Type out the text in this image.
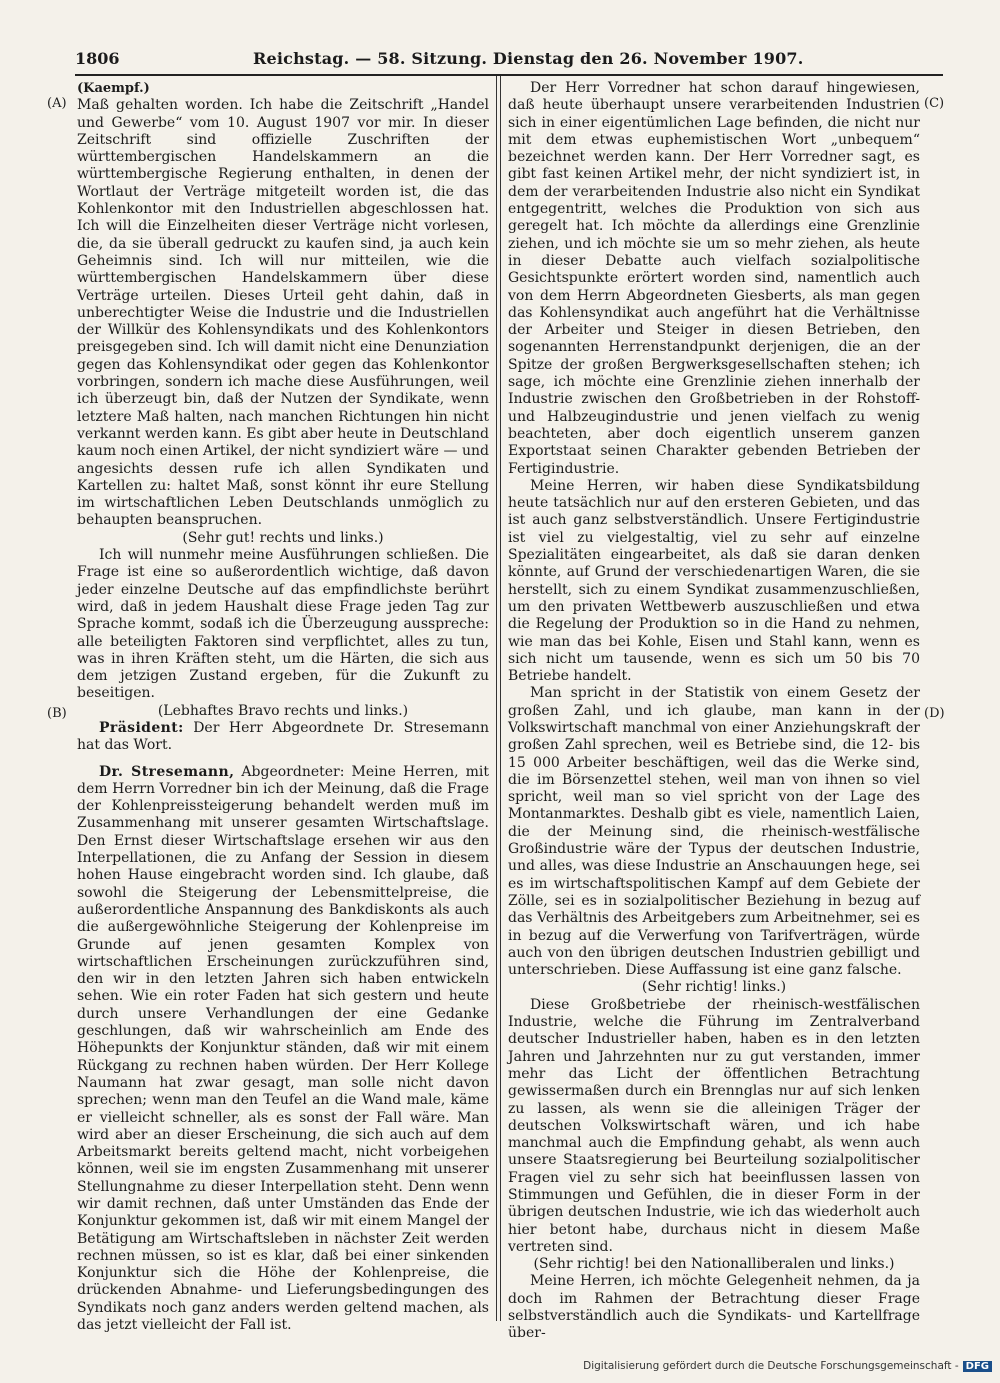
1806	Reichstag. — 58. Sitzung. Dienstag den 26. November 1907.
(A)
(B)
(C)
(D)

(Kaempf.)

Maß gehalten worden. Ich habe die Zeitschrift „Handel und Gewerbe“ vom 10. August 1907 vor mir. In dieser Zeitschrift sind offizielle Zuschriften der württembergischen Handelskammern an die württembergische Regierung enthalten, in denen der Wortlaut der Verträge mitgeteilt worden ist, die das Kohlenkontor mit den Industriellen abgeschlossen hat. Ich will die Einzelheiten dieser Verträge nicht vorlesen, die, da sie überall gedruckt zu kaufen sind, ja auch kein Geheimnis sind. Ich will nur mitteilen, wie die württembergischen Handelskammern über diese Verträge urteilen. Dieses Urteil geht dahin, daß in unberechtigter Weise die Industrie und die Industriellen der Willkür des Kohlensyndikats und des Kohlenkontors preisgegeben sind. Ich will damit nicht eine Denunziation gegen das Kohlensyndikat oder gegen das Kohlenkontor vorbringen, sondern ich mache diese Ausführungen, weil ich überzeugt bin, daß der Nutzen der Syndikate, wenn letztere Maß halten, nach manchen Richtungen hin nicht verkannt werden kann. Es gibt aber heute in Deutschland kaum noch einen Artikel, der nicht syndiziert wäre — und angesichts dessen rufe ich allen Syndikaten und Kartellen zu: haltet Maß, sonst könnt ihr eure Stellung im wirtschaftlichen Leben Deutschlands unmöglich zu behaupten beanspruchen.

(Sehr gut! rechts und links.)

Ich will nunmehr meine Ausführungen schließen. Die Frage ist eine so außerordentlich wichtige, daß davon jeder einzelne Deutsche auf das empfindlichste berührt wird, daß in jedem Haushalt diese Frage jeden Tag zur Sprache kommt, sodaß ich die Überzeugung ausspreche: alle beteiligten Faktoren sind verpflichtet, alles zu tun, was in ihren Kräften steht, um die Härten, die sich aus dem jetzigen Zustand ergeben, für die Zukunft zu beseitigen.

(Lebhaftes Bravo rechts und links.)

Präsident: Der Herr Abgeordnete Dr. Stresemann hat das Wort.

Dr. Stresemann, Abgeordneter: Meine Herren, mit dem Herrn Vorredner bin ich der Meinung, daß die Frage der Kohlenpreissteigerung behandelt werden muß im Zusammenhang mit unserer gesamten Wirtschaftslage. Den Ernst dieser Wirtschaftslage ersehen wir aus den Interpellationen, die zu Anfang der Session in diesem hohen Hause eingebracht worden sind. Ich glaube, daß sowohl die Steigerung der Lebensmittelpreise, die außerordentliche Anspannung des Bankdiskonts als auch die außergewöhnliche Steigerung der Kohlenpreise im Grunde auf jenen gesamten Komplex von wirtschaftlichen Erscheinungen zurückzuführen sind, den wir in den letzten Jahren sich haben entwickeln sehen. Wie ein roter Faden hat sich gestern und heute durch unsere Verhandlungen der eine Gedanke geschlungen, daß wir wahrscheinlich am Ende des Höhepunkts der Konjunktur ständen, daß wir mit einem Rückgang zu rechnen haben würden. Der Herr Kollege Naumann hat zwar gesagt, man solle nicht davon sprechen; wenn man den Teufel an die Wand male, käme er vielleicht schneller, als es sonst der Fall wäre. Man wird aber an dieser Erscheinung, die sich auch auf dem Arbeitsmarkt bereits geltend macht, nicht vorbeigehen können, weil sie im engsten Zusammenhang mit unserer Stellungnahme zu dieser Interpellation steht. Denn wenn wir damit rechnen, daß unter Umständen das Ende der Konjunktur gekommen ist, daß wir mit einem Mangel der Betätigung am Wirtschaftsleben in nächster Zeit werden rechnen müssen, so ist es klar, daß bei einer sinkenden Konjunktur sich die Höhe der Kohlenpreise, die drückenden Abnahme- und Lieferungsbedingungen des Syndikats noch ganz anders werden geltend machen, als das jetzt vielleicht der Fall ist.

Der Herr Vorredner hat schon darauf hingewiesen, daß heute überhaupt unsere verarbeitenden Industrien sich in einer eigentümlichen Lage befinden, die nicht nur mit dem etwas euphemistischen Wort „unbequem“ bezeichnet werden kann. Der Herr Vorredner sagt, es gibt fast keinen Artikel mehr, der nicht syndiziert ist, in dem der verarbeitenden Industrie also nicht ein Syndikat entgegentritt, welches die Produktion von sich aus geregelt hat. Ich möchte da allerdings eine Grenzlinie ziehen, und ich möchte sie um so mehr ziehen, als heute in dieser Debatte auch vielfach sozialpolitische Gesichtspunkte erörtert worden sind, namentlich auch von dem Herrn Abgeordneten Giesberts, als man gegen das Kohlensyndikat auch angeführt hat die Verhältnisse der Arbeiter und Steiger in diesen Betrieben, den sogenannten Herrenstandpunkt derjenigen, die an der Spitze der großen Bergwerksgesellschaften stehen; ich sage, ich möchte eine Grenzlinie ziehen innerhalb der Industrie zwischen den Großbetrieben in der Rohstoff- und Halbzeugindustrie und jenen vielfach zu wenig beachteten, aber doch eigentlich unserem ganzen Exportstaat seinen Charakter gebenden Betrieben der Fertigindustrie.

Meine Herren, wir haben diese Syndikatsbildung heute tatsächlich nur auf den ersteren Gebieten, und das ist auch ganz selbstverständlich. Unsere Fertigindustrie ist viel zu vielgestaltig, viel zu sehr auf einzelne Spezialitäten eingearbeitet, als daß sie daran denken könnte, auf Grund der verschiedenartigen Waren, die sie herstellt, sich zu einem Syndikat zusammenzuschließen, um den privaten Wettbewerb auszuschließen und etwa die Regelung der Produktion so in die Hand zu nehmen, wie man das bei Kohle, Eisen und Stahl kann, wenn es sich nicht um tausende, wenn es sich um 50 bis 70 Betriebe handelt.

Man spricht in der Statistik von einem Gesetz der großen Zahl, und ich glaube, man kann in der Volkswirtschaft manchmal von einer Anziehungskraft der großen Zahl sprechen, weil es Betriebe sind, die 12- bis 15 000 Arbeiter beschäftigen, weil das die Werke sind, die im Börsenzettel stehen, weil man von ihnen so viel spricht, weil man so viel spricht von der Lage des Montanmarktes. Deshalb gibt es viele, namentlich Laien, die der Meinung sind, die rheinisch-westfälische Großindustrie wäre der Typus der deutschen Industrie, und alles, was diese Industrie an Anschauungen hege, sei es im wirtschaftspolitischen Kampf auf dem Gebiete der Zölle, sei es in sozialpolitischer Beziehung in bezug auf das Verhältnis des Arbeitgebers zum Arbeitnehmer, sei es in bezug auf die Verwerfung von Tarifverträgen, würde auch von den übrigen deutschen Industrien gebilligt und unterschrieben. Diese Auffassung ist eine ganz falsche.

(Sehr richtig! links.)

Diese Großbetriebe der rheinisch-westfälischen Industrie, welche die Führung im Zentralverband deutscher Industrieller haben, haben es in den letzten Jahren und Jahrzehnten nur zu gut verstanden, immer mehr das Licht der öffentlichen Betrachtung gewissermaßen durch ein Brennglas nur auf sich lenken zu lassen, als wenn sie die alleinigen Träger der deutschen Volkswirtschaft wären, und ich habe manchmal auch die Empfindung gehabt, als wenn auch unsere Staatsregierung bei Beurteilung sozialpolitischer Fragen viel zu sehr sich hat beeinflussen lassen von Stimmungen und Gefühlen, die in dieser Form in der übrigen deutschen Industrie, wie ich das wiederholt auch hier betont habe, durchaus nicht in diesem Maße vertreten sind.

(Sehr richtig! bei den Nationalliberalen und links.)

Meine Herren, ich möchte Gelegenheit nehmen, da ja doch im Rahmen der Betrachtung dieser Frage selbstverständlich auch die Syndikats- und Kartellfrage über-

Digitalisierung gefördert durch die Deutsche Forschungsgemeinschaft - DFG
